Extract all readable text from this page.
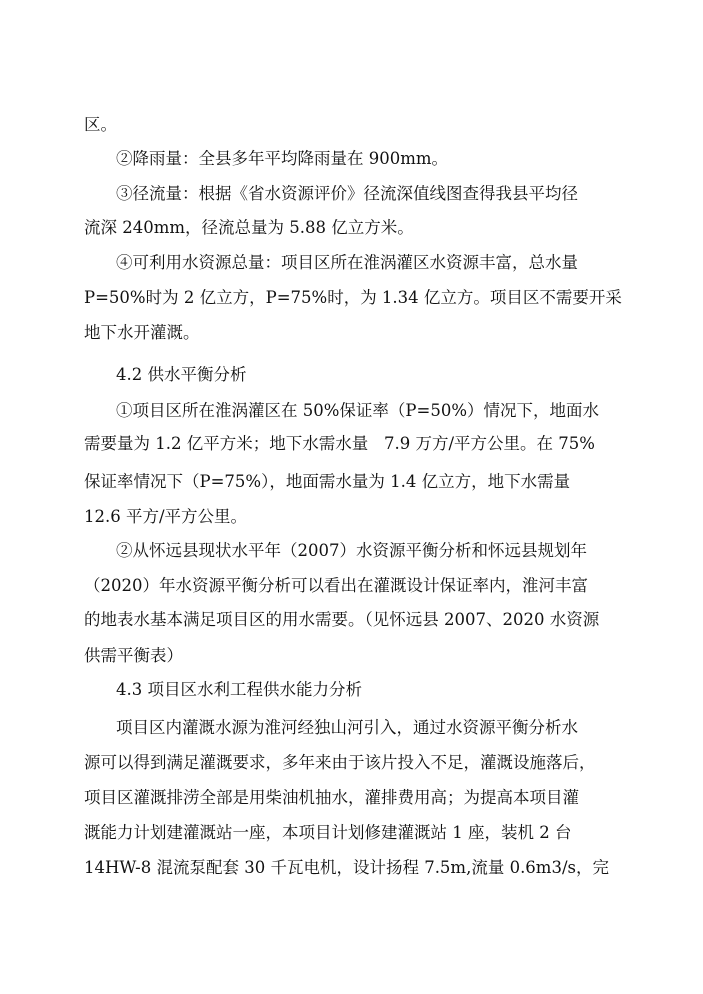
区。
②降雨量：全县多年平均降雨量在 900mm。
③径流量：根据《省水资源评价》径流深值线图查得我县平均径
流深 240mm，径流总量为 5.88 亿立方米。
④可利用水资源总量：项目区所在淮涡灌区水资源丰富，总水量
P=50%时为 2 亿立方，P=75%时，为 1.34 亿立方。项目区不需要开采
地下水开灌溉。
4.2 供水平衡分析
①项目区所在淮涡灌区在 50%保证率（P=50%）情况下，地面水
需要量为 1.2 亿平方米；地下水需水量   7.9 万方/平方公里。在 75%
保证率情况下（P=75%），地面需水量为 1.4 亿立方，地下水需量
12.6 平方/平方公里。
②从怀远县现状水平年（2007）水资源平衡分析和怀远县规划年
（2020）年水资源平衡分析可以看出在灌溉设计保证率内，淮河丰富
的地表水基本满足项目区的用水需要。（见怀远县 2007、2020 水资源
供需平衡表）
4.3 项目区水利工程供水能力分析
项目区内灌溉水源为淮河经独山河引入，通过水资源平衡分析水
源可以得到满足灌溉要求，多年来由于该片投入不足，灌溉设施落后，
项目区灌溉排涝全部是用柴油机抽水，灌排费用高；为提高本项目灌
溉能力计划建灌溉站一座，本项目计划修建灌溉站 1 座，装机 2 台
14HW-8 混流泵配套 30 千瓦电机，设计扬程 7.5m,流量 0.6m3/s，完
